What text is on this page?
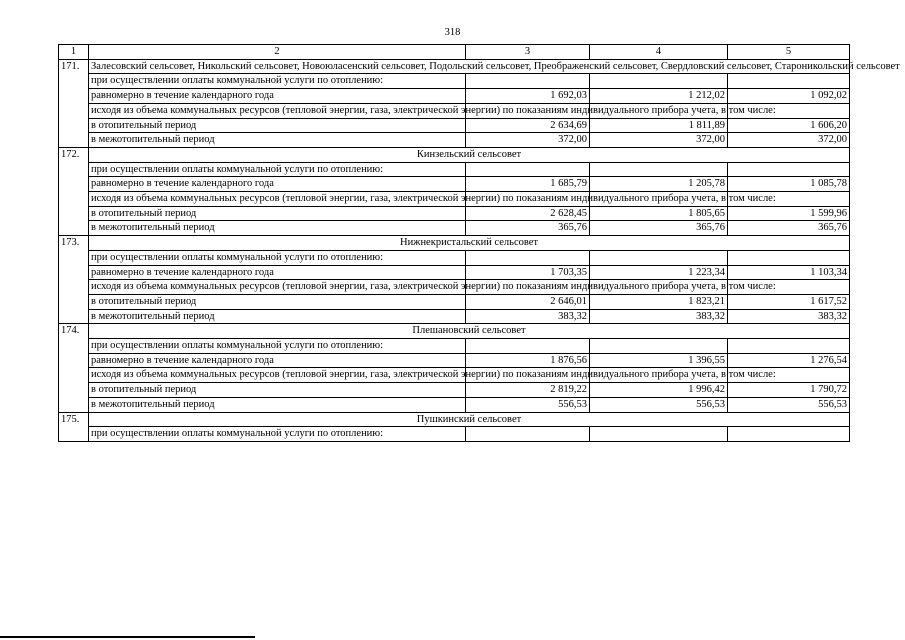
318
1	2	3	4	5
171.	Залесовский сельсовет, Никольский сельсовет, Новоюласенский сельсовет, Подольский сельсовет, Преображенский сельсовет, Свердловский сельсовет, Староникольский сельсовет			
	при осуществлении оплаты коммунальной услуги по отоплению:			
	равномерно в течение календарного года	1 692,03	1 212,02	1 092,02
	исходя из объема коммунальных ресурсов (тепловой энергии, газа, электрической энергии) по показаниям индивидуального прибора учета, в том числе:			
	в отопительный период	2 634,69	1 811,89	1 606,20
	в межотопительный период	372,00	372,00	372,00
172.	Кинзельский сельсовет			
	при осуществлении оплаты коммунальной услуги по отоплению:			
	равномерно в течение календарного года	1 685,79	1 205,78	1 085,78
	исходя из объема коммунальных ресурсов (тепловой энергии, газа, электрической энергии) по показаниям индивидуального прибора учета, в том числе:			
	в отопительный период	2 628,45	1 805,65	1 599,96
	в межотопительный период	365,76	365,76	365,76
173.	Нижнекристальский сельсовет			
	при осуществлении оплаты коммунальной услуги по отоплению:			
	равномерно в течение календарного года	1 703,35	1 223,34	1 103,34
	исходя из объема коммунальных ресурсов (тепловой энергии, газа, электрической энергии) по показаниям индивидуального прибора учета, в том числе:			
	в отопительный период	2 646,01	1 823,21	1 617,52
	в межотопительный период	383,32	383,32	383,32
174.	Плешановский сельсовет			
	при осуществлении оплаты коммунальной услуги по отоплению:			
	равномерно в течение календарного года	1 876,56	1 396,55	1 276,54
	исходя из объема коммунальных ресурсов (тепловой энергии, газа, электрической энергии) по показаниям индивидуального прибора учета, в том числе:			
	в отопительный период	2 819,22	1 996,42	1 790,72
	в межотопительный период	556,53	556,53	556,53
175.	Пушкинский сельсовет			
	при осуществлении оплаты коммунальной услуги по отоплению:			
